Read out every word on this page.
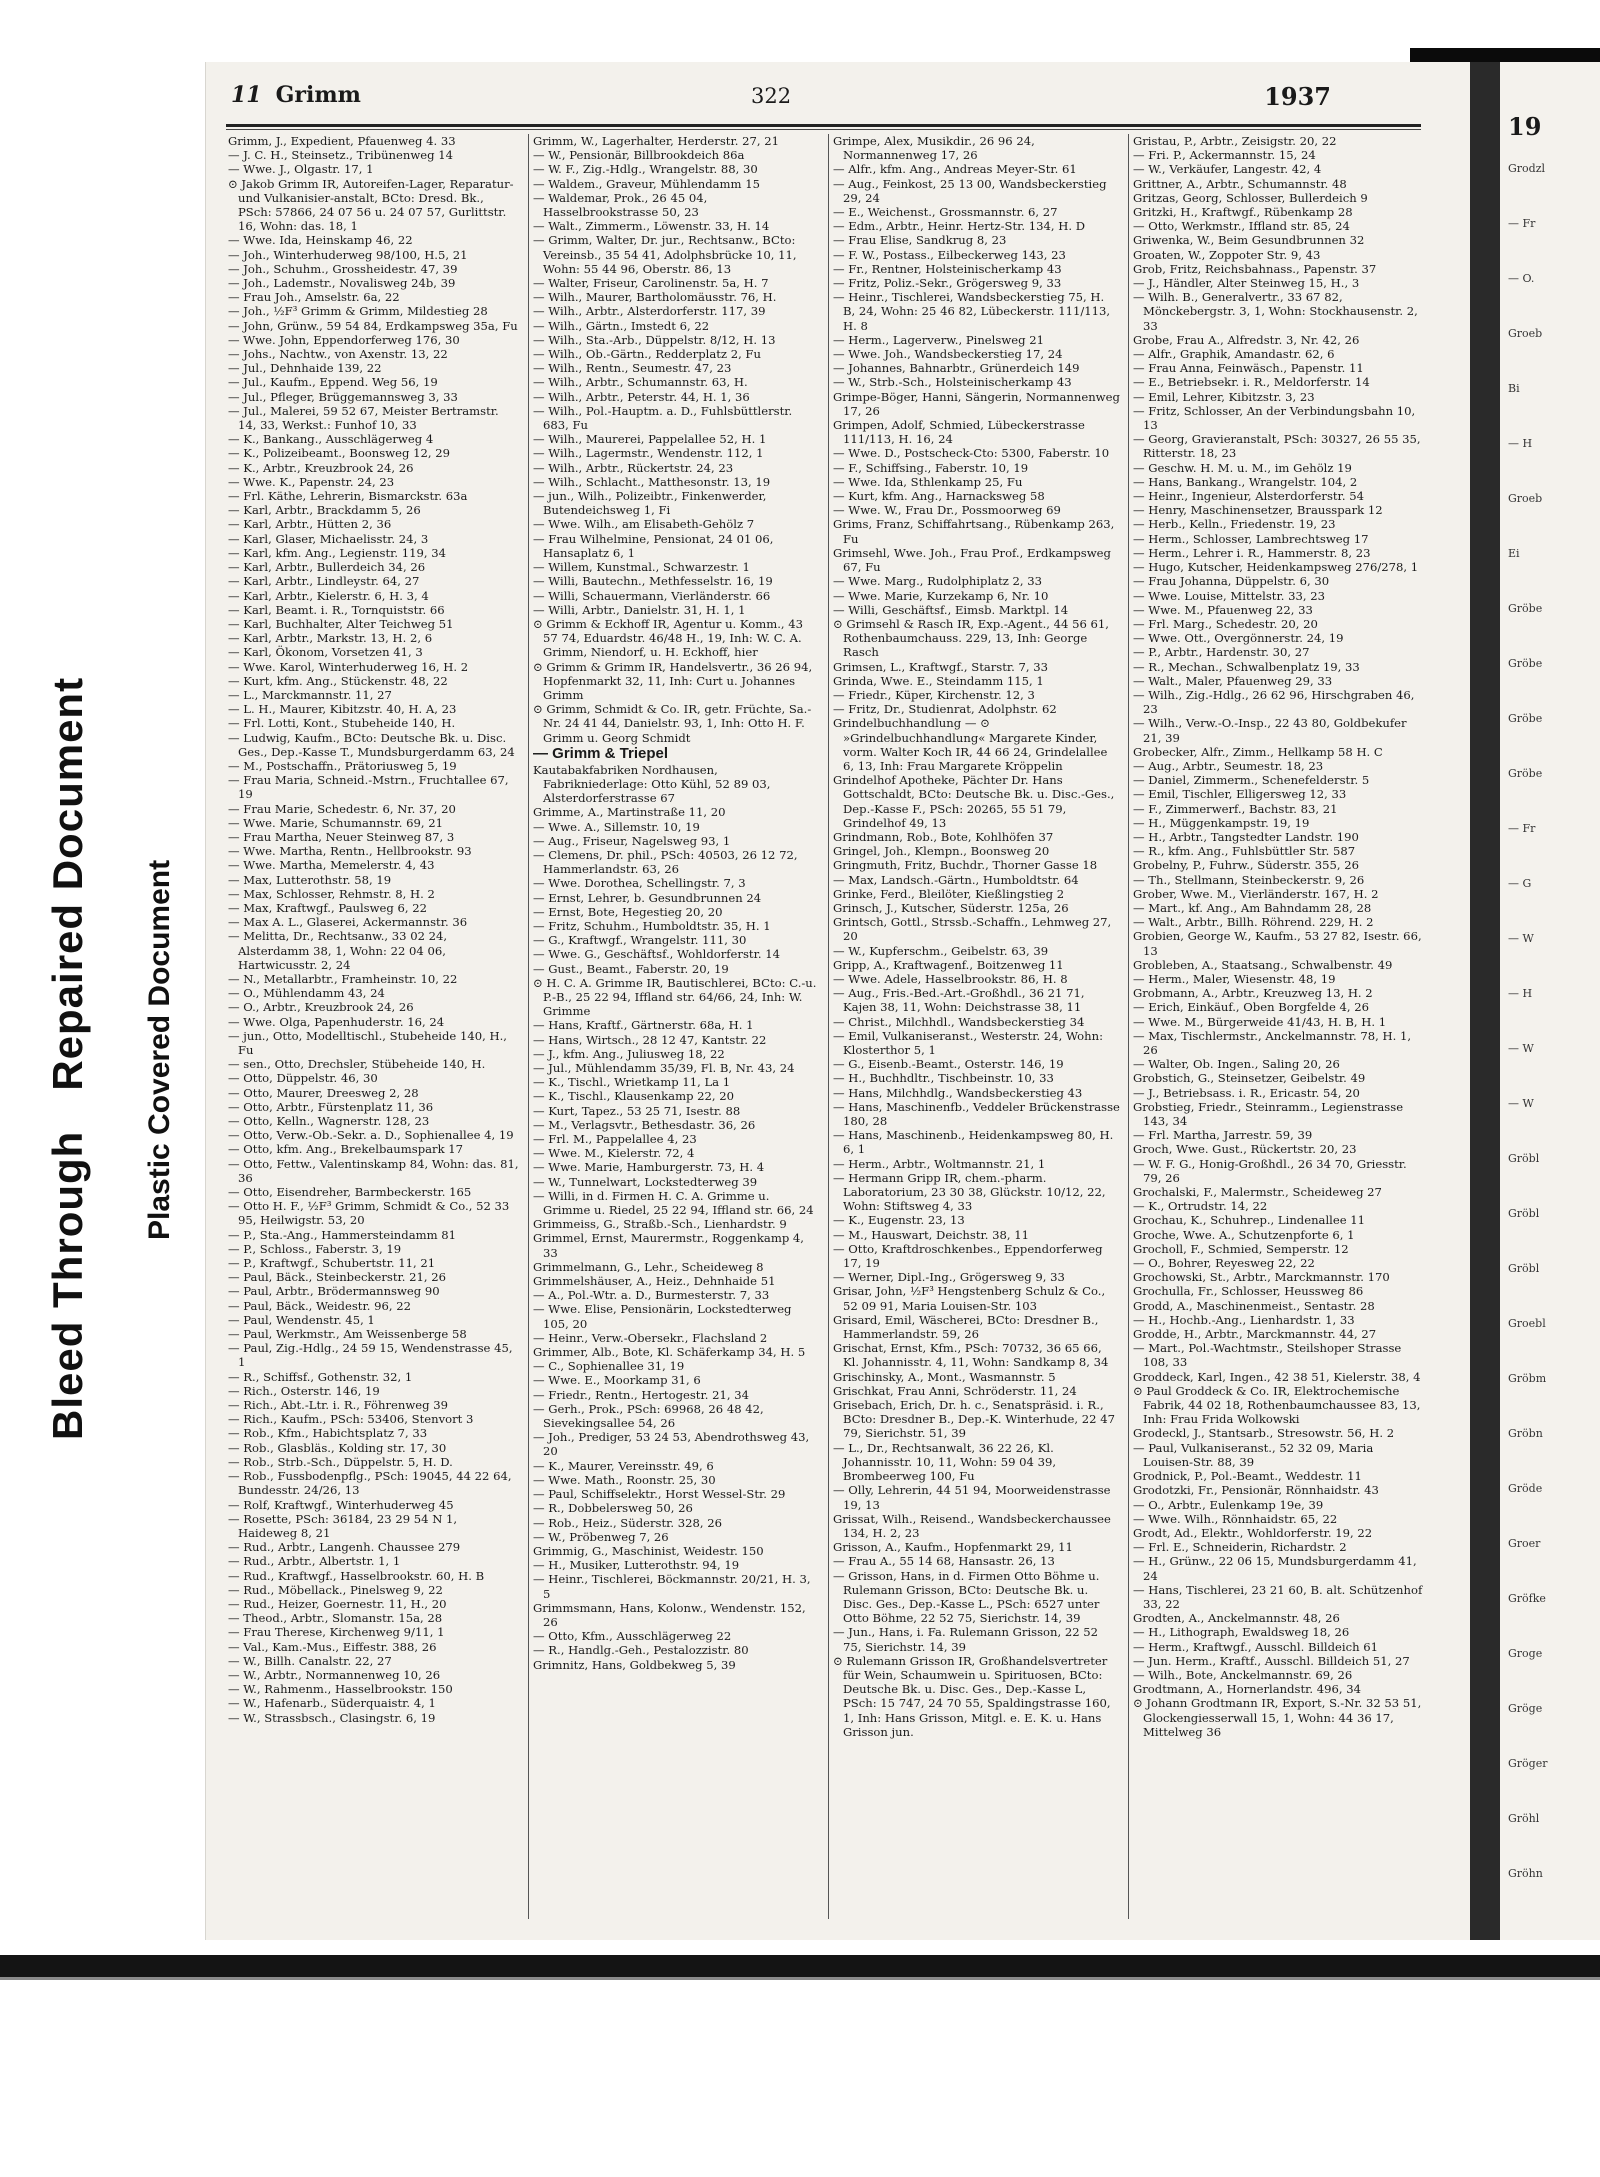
Bleed ThroughRepaired Document Plastic Covered Document
11 Grimm	322	1937

Grimm, J., Expedient, Pfauenweg 4. 33

— J. C. H., Steinsetz., Tribünenweg 14

— Wwe. J., Olgastr. 17, 1

⊙ Jakob Grimm IR, Autoreifen-Lager, Reparatur- und Vulkanisier-anstalt, BCto: Dresd. Bk., PSch: 57866, 24 07 56 u. 24 07 57, Gurlittstr. 16, Wohn: das. 18, 1

— Wwe. Ida, Heinskamp 46, 22

— Joh., Winterhuderweg 98/100, H.5, 21

— Joh., Schuhm., Grossheidestr. 47, 39

— Joh., Lademstr., Novalisweg 24b, 39

— Frau Joh., Amselstr. 6a, 22

— Joh., ½F³ Grimm & Grimm, Mildestieg 28

— John, Grünw., 59 54 84, Erdkampsweg 35a, Fu

— Wwe. John, Eppendorferweg 176, 30

— Johs., Nachtw., von Axenstr. 13, 22

— Jul., Dehnhaide 139, 22

— Jul., Kaufm., Eppend. Weg 56, 19

— Jul., Pfleger, Brüggemannsweg 3, 33

— Jul., Malerei, 59 52 67, Meister Bertramstr. 14, 33, Werkst.: Funhof 10, 33

— K., Bankang., Ausschlägerweg 4

— K., Polizeibeamt., Boonsweg 12, 29

— K., Arbtr., Kreuzbrook 24, 26

— Wwe. K., Papenstr. 24, 23

— Frl. Käthe, Lehrerin, Bismarckstr. 63a

— Karl, Arbtr., Brackdamm 5, 26

— Karl, Arbtr., Hütten 2, 36

— Karl, Glaser, Michaelisstr. 24, 3

— Karl, kfm. Ang., Legienstr. 119, 34

— Karl, Arbtr., Bullerdeich 34, 26

— Karl, Arbtr., Lindleystr. 64, 27

— Karl, Arbtr., Kielerstr. 6, H. 3, 4

— Karl, Beamt. i. R., Tornquiststr. 66

— Karl, Buchhalter, Alter Teichweg 51

— Karl, Arbtr., Markstr. 13, H. 2, 6

— Karl, Ökonom, Vorsetzen 41, 3

— Wwe. Karol, Winterhuderweg 16, H. 2

— Kurt, kfm. Ang., Stückenstr. 48, 22

— L., Marckmannstr. 11, 27

— L. H., Maurer, Kibitzstr. 40, H. A, 23

— Frl. Lotti, Kont., Stubeheide 140, H.

— Ludwig, Kaufm., BCto: Deutsche Bk. u. Disc. Ges., Dep.-Kasse T., Mundsburgerdamm 63, 24

— M., Postschaffn., Prätoriusweg 5, 19

— Frau Maria, Schneid.-Mstrn., Fruchtallee 67, 19

— Frau Marie, Schedestr. 6, Nr. 37, 20

— Wwe. Marie, Schumannstr. 69, 21

— Frau Martha, Neuer Steinweg 87, 3

— Wwe. Martha, Rentn., Hellbrookstr. 93

— Wwe. Martha, Memelerstr. 4, 43

— Max, Lutterothstr. 58, 19

— Max, Schlosser, Rehmstr. 8, H. 2

— Max, Kraftwgf., Paulsweg 6, 22

— Max A. L., Glaserei, Ackermannstr. 36

— Melitta, Dr., Rechtsanw., 33 02 24, Alsterdamm 38, 1, Wohn: 22 04 06, Hartwicusstr. 2, 24

— N., Metallarbtr., Framheinstr. 10, 22

— O., Mühlendamm 43, 24

— O., Arbtr., Kreuzbrook 24, 26

— Wwe. Olga, Papenhuderstr. 16, 24

— jun., Otto, Modelltischl., Stubeheide 140, H., Fu

— sen., Otto, Drechsler, Stübeheide 140, H.

— Otto, Düppelstr. 46, 30

— Otto, Maurer, Dreesweg 2, 28

— Otto, Arbtr., Fürstenplatz 11, 36

— Otto, Kelln., Wagnerstr. 128, 23

— Otto, Verw.-Ob.-Sekr. a. D., Sophienallee 4, 19

— Otto, kfm. Ang., Brekelbaumspark 17

— Otto, Fettw., Valentinskamp 84, Wohn: das. 81, 36

— Otto, Eisendreher, Barmbeckerstr. 165

— Otto H. F., ½F³ Grimm, Schmidt & Co., 52 33 95, Heilwigstr. 53, 20

— P., Sta.-Ang., Hammersteindamm 81

— P., Schloss., Faberstr. 3, 19

— P., Kraftwgf., Schubertstr. 11, 21

— Paul, Bäck., Steinbeckerstr. 21, 26

— Paul, Arbtr., Brödermannsweg 90

— Paul, Bäck., Weidestr. 96, 22

— Paul, Wendenstr. 45, 1

— Paul, Werkmstr., Am Weissenberge 58

— Paul, Zig.-Hdlg., 24 59 15, Wendenstrasse 45, 1

— R., Schiffsf., Gothenstr. 32, 1

— Rich., Osterstr. 146, 19

— Rich., Abt.-Ltr. i. R., Föhrenweg 39

— Rich., Kaufm., PSch: 53406, Stenvort 3

— Rob., Kfm., Habichtsplatz 7, 33

— Rob., Glasbläs., Kolding str. 17, 30

— Rob., Strb.-Sch., Düppelstr. 5, H. D.

— Rob., Fussbodenpflg., PSch: 19045, 44 22 64, Bundesstr. 24/26, 13

— Rolf, Kraftwgf., Winterhuderweg 45

— Rosette, PSch: 36184, 23 29 54 N 1, Haideweg 8, 21

— Rud., Arbtr., Langenh. Chaussee 279

— Rud., Arbtr., Albertstr. 1, 1

— Rud., Kraftwgf., Hasselbrookstr. 60, H. B

— Rud., Möbellack., Pinelsweg 9, 22

— Rud., Heizer, Goernestr. 11, H., 20

— Theod., Arbtr., Slomanstr. 15a, 28

— Frau Therese, Kirchenweg 9/11, 1

— Val., Kam.-Mus., Eiffestr. 388, 26

— W., Billh. Canalstr. 22, 27

— W., Arbtr., Normannenweg 10, 26

— W., Rahmenm., Hasselbrookstr. 150

— W., Hafenarb., Süderquaistr. 4, 1

— W., Strassbsch., Clasingstr. 6, 19

Grimm, W., Lagerhalter, Herderstr. 27, 21

— W., Pensionär, Billbrookdeich 86a

— W. F., Zig.-Hdlg., Wrangelstr. 88, 30

— Waldem., Graveur, Mühlendamm 15

— Waldemar, Prok., 26 45 04, Hasselbrookstrasse 50, 23

— Walt., Zimmerm., Löwenstr. 33, H. 14

— Grimm, Walter, Dr. jur., Rechtsanw., BCto: Vereinsb., 35 54 41, Adolphsbrücke 10, 11, Wohn: 55 44 96, Oberstr. 86, 13

— Walter, Friseur, Carolinenstr. 5a, H. 7

— Wilh., Maurer, Bartholomäusstr. 76, H.

— Wilh., Arbtr., Alsterdorferstr. 117, 39

— Wilh., Gärtn., Imstedt 6, 22

— Wilh., Sta.-Arb., Düppelstr. 8/12, H. 13

— Wilh., Ob.-Gärtn., Redderplatz 2, Fu

— Wilh., Rentn., Seumestr. 47, 23

— Wilh., Arbtr., Schumannstr. 63, H.

— Wilh., Arbtr., Peterstr. 44, H. 1, 36

— Wilh., Pol.-Hauptm. a. D., Fuhlsbüttlerstr. 683, Fu

— Wilh., Maurerei, Pappelallee 52, H. 1

— Wilh., Lagermstr., Wendenstr. 112, 1

— Wilh., Arbtr., Rückertstr. 24, 23

— Wilh., Schlacht., Matthesonstr. 13, 19

— jun., Wilh., Polizeibtr., Finkenwerder, Butendeichsweg 1, Fi

— Wwe. Wilh., am Elisabeth-Gehölz 7

— Frau Wilhelmine, Pensionat, 24 01 06, Hansaplatz 6, 1

— Willem, Kunstmal., Schwarzestr. 1

— Willi, Bautechn., Methfesselstr. 16, 19

— Willi, Schauermann, Vierländerstr. 66

— Willi, Arbtr., Danielstr. 31, H. 1, 1

⊙ Grimm & Eckhoff IR, Agentur u. Komm., 43 57 74, Eduardstr. 46/48 H., 19, Inh: W. C. A. Grimm, Niendorf, u. H. Eckhoff, hier

⊙ Grimm & Grimm IR, Handelsvertr., 36 26 94, Hopfenmarkt 32, 11, Inh: Curt u. Johannes Grimm

⊙ Grimm, Schmidt & Co. IR, getr. Früchte, Sa.-Nr. 24 41 44, Danielstr. 93, 1, Inh: Otto H. F. Grimm u. Georg Schmidt

— Grimm & Triepel

Kautabakfabriken Nordhausen, Fabrikniederlage: Otto Kühl, 52 89 03, Alsterdorferstrasse 67

Grimme, A., Martinstraße 11, 20

— Wwe. A., Sillemstr. 10, 19

— Aug., Friseur, Nagelsweg 93, 1

— Clemens, Dr. phil., PSch: 40503, 26 12 72, Hammerlandstr. 63, 26

— Wwe. Dorothea, Schellingstr. 7, 3

— Ernst, Lehrer, b. Gesundbrunnen 24

— Ernst, Bote, Hegestieg 20, 20

— Fritz, Schuhm., Humboldtstr. 35, H. 1

— G., Kraftwgf., Wrangelstr. 111, 30

— Wwe. G., Geschäftsf., Wohldorferstr. 14

— Gust., Beamt., Faberstr. 20, 19

⊙ H. C. A. Grimme IR, Bautischlerei, BCto: C.-u. P.-B., 25 22 94, Iffland str. 64/66, 24, Inh: W. Grimme

— Hans, Kraftf., Gärtnerstr. 68a, H. 1

— Hans, Wirtsch., 28 12 47, Kantstr. 22

— J., kfm. Ang., Juliusweg 18, 22

— Jul., Mühlendamm 35/39, Fl. B, Nr. 43, 24

— K., Tischl., Wrietkamp 11, La 1

— K., Tischl., Klausenkamp 22, 20

— Kurt, Tapez., 53 25 71, Isestr. 88

— M., Verlagsvtr., Bethesdastr. 36, 26

— Frl. M., Pappelallee 4, 23

— Wwe. M., Kielerstr. 72, 4

— Wwe. Marie, Hamburgerstr. 73, H. 4

— W., Tunnelwart, Lockstedterweg 39

— Willi, in d. Firmen H. C. A. Grimme u. Grimme u. Riedel, 25 22 94, Iffland str. 66, 24

Grimmeiss, G., Straßb.-Sch., Lienhardstr. 9

Grimmel, Ernst, Maurermstr., Roggenkamp 4, 33

Grimmelmann, G., Lehr., Scheideweg 8

Grimmelshäuser, A., Heiz., Dehnhaide 51

— A., Pol.-Wtr. a. D., Burmesterstr. 7, 33

— Wwe. Elise, Pensionärin, Lockstedterweg 105, 20

— Heinr., Verw.-Obersekr., Flachsland 2

Grimmer, Alb., Bote, Kl. Schäferkamp 34, H. 5

— C., Sophienallee 31, 19

— Wwe. E., Moorkamp 31, 6

— Friedr., Rentn., Hertogestr. 21, 34

— Gerh., Prok., PSch: 69968, 26 48 42, Sievekingsallee 54, 26

— Joh., Prediger, 53 24 53, Abendrothsweg 43, 20

— K., Maurer, Vereinsstr. 49, 6

— Wwe. Math., Roonstr. 25, 30

— Paul, Schiffselektr., Horst Wessel-Str. 29

— R., Dobbelersweg 50, 26

— Rob., Heiz., Süderstr. 328, 26

— W., Pröbenweg 7, 26

Grimmig, G., Maschinist, Weidestr. 150

— H., Musiker, Lutterothstr. 94, 19

— Heinr., Tischlerei, Böckmannstr. 20/21, H. 3, 5

Grimmsmann, Hans, Kolonw., Wendenstr. 152, 26

— Otto, Kfm., Ausschlägerweg 22

— R., Handlg.-Geh., Pestalozzistr. 80

Grimnitz, Hans, Goldbekweg 5, 39

Grimpe, Alex, Musikdir., 26 96 24, Normannenweg 17, 26

— Alfr., kfm. Ang., Andreas Meyer-Str. 61

— Aug., Feinkost, 25 13 00, Wandsbeckerstieg 29, 24

— E., Weichenst., Grossmannstr. 6, 27

— Edm., Arbtr., Heinr. Hertz-Str. 134, H. D

— Frau Elise, Sandkrug 8, 23

— F. W., Postass., Eilbeckerweg 143, 23

— Fr., Rentner, Holsteinischerkamp 43

— Fritz, Poliz.-Sekr., Grögersweg 9, 33

— Heinr., Tischlerei, Wandsbeckerstieg 75, H. B, 24, Wohn: 25 46 82, Lübeckerstr. 111/113, H. 8

— Herm., Lagerverw., Pinelsweg 21

— Wwe. Joh., Wandsbeckerstieg 17, 24

— Johannes, Bahnarbtr., Grünerdeich 149

— W., Strb.-Sch., Holsteinischerkamp 43

Grimpe-Böger, Hanni, Sängerin, Normannenweg 17, 26

Grimpen, Adolf, Schmied, Lübeckerstrasse 111/113, H. 16, 24

— Wwe. D., Postscheck-Cto: 5300, Faberstr. 10

— F., Schiffsing., Faberstr. 10, 19

— Wwe. Ida, Sthlenkamp 25, Fu

— Kurt, kfm. Ang., Harnacksweg 58

— Wwe. W., Frau Dr., Possmoorweg 69

Grims, Franz, Schiffahrtsang., Rübenkamp 263, Fu

Grimsehl, Wwe. Joh., Frau Prof., Erdkampsweg 67, Fu

— Wwe. Marg., Rudolphiplatz 2, 33

— Wwe. Marie, Kurzekamp 6, Nr. 10

— Willi, Geschäftsf., Eimsb. Marktpl. 14

⊙ Grimsehl & Rasch IR, Exp.-Agent., 44 56 61, Rothenbaumchauss. 229, 13, Inh: George Rasch

Grimsen, L., Kraftwgf., Starstr. 7, 33

Grinda, Wwe. E., Steindamm 115, 1

— Friedr., Küper, Kirchenstr. 12, 3

— Fritz, Dr., Studienrat, Adolphstr. 62

Grindelbuchhandlung — ⊙ »Grindelbuchhandlung« Margarete Kinder, vorm. Walter Koch IR, 44 66 24, Grindelallee 6, 13, Inh: Frau Margarete Kröppelin

Grindelhof Apotheke, Pächter Dr. Hans Gottschaldt, BCto: Deutsche Bk. u. Disc.-Ges., Dep.-Kasse F., PSch: 20265, 55 51 79, Grindelhof 49, 13

Grindmann, Rob., Bote, Kohlhöfen 37

Gringel, Joh., Klempn., Boonsweg 20

Gringmuth, Fritz, Buchdr., Thorner Gasse 18

— Max, Landsch.-Gärtn., Humboldtstr. 64

Grinke, Ferd., Bleilöter, Kießlingstieg 2

Grinsch, J., Kutscher, Süderstr. 125a, 26

Grintsch, Gottl., Strssb.-Schaffn., Lehmweg 27, 20

— W., Kupferschm., Geibelstr. 63, 39

Gripp, A., Kraftwagenf., Boitzenweg 11

— Wwe. Adele, Hasselbrookstr. 86, H. 8

— Aug., Fris.-Bed.-Art.-Großhdl., 36 21 71, Kajen 38, 11, Wohn: Deichstrasse 38, 11

— Christ., Milchhdl., Wandsbeckerstieg 34

— Emil, Vulkaniseranst., Westerstr. 24, Wohn: Klosterthor 5, 1

— G., Eisenb.-Beamt., Osterstr. 146, 19

— H., Buchhdltr., Tischbeinstr. 10, 33

— Hans, Milchhdlg., Wandsbeckerstieg 43

— Hans, Maschinenfb., Veddeler Brückenstrasse 180, 28

— Hans, Maschinenb., Heidenkampsweg 80, H. 6, 1

— Herm., Arbtr., Woltmannstr. 21, 1

— Hermann Gripp IR, chem.-pharm. Laboratorium, 23 30 38, Glückstr. 10/12, 22, Wohn: Stiftsweg 4, 33

— K., Eugenstr. 23, 13

— M., Hauswart, Deichstr. 38, 11

— Otto, Kraftdroschkenbes., Eppendorferweg 17, 19

— Werner, Dipl.-Ing., Grögersweg 9, 33

Grisar, John, ½F³ Hengstenberg Schulz & Co., 52 09 91, Maria Louisen-Str. 103

Grisard, Emil, Wäscherei, BCto: Dresdner B., Hammerlandstr. 59, 26

Grischat, Ernst, Kfm., PSch: 70732, 36 65 66, Kl. Johannisstr. 4, 11, Wohn: Sandkamp 8, 34

Grischinsky, A., Mont., Wasmannstr. 5

Grischkat, Frau Anni, Schröderstr. 11, 24

Grisebach, Erich, Dr. h. c., Senatspräsid. i. R., BCto: Dresdner B., Dep.-K. Winterhude, 22 47 79, Sierichstr. 51, 39

— L., Dr., Rechtsanwalt, 36 22 26, Kl. Johannisstr. 10, 11, Wohn: 59 04 39, Brombeerweg 100, Fu

— Olly, Lehrerin, 44 51 94, Moorweidenstrasse 19, 13

Grissat, Wilh., Reisend., Wandsbeckerchaussee 134, H. 2, 23

Grisson, A., Kaufm., Hopfenmarkt 29, 11

— Frau A., 55 14 68, Hansastr. 26, 13

— Grisson, Hans, in d. Firmen Otto Böhme u. Rulemann Grisson, BCto: Deutsche Bk. u. Disc. Ges., Dep.-Kasse L., PSch: 6527 unter Otto Böhme, 22 52 75, Sierichstr. 14, 39

— Jun., Hans, i. Fa. Rulemann Grisson, 22 52 75, Sierichstr. 14, 39

⊙ Rulemann Grisson IR, Großhandelsvertreter für Wein, Schaumwein u. Spirituosen, BCto: Deutsche Bk. u. Disc. Ges., Dep.-Kasse L, PSch: 15 747, 24 70 55, Spaldingstrasse 160, 1, Inh: Hans Grisson, Mitgl. e. E. K. u. Hans Grisson jun.

Gristau, P., Arbtr., Zeisigstr. 20, 22

— Fri. P., Ackermannstr. 15, 24

— W., Verkäufer, Langestr. 42, 4

Grittner, A., Arbtr., Schumannstr. 48

Gritzas, Georg, Schlosser, Bullerdeich 9

Gritzki, H., Kraftwgf., Rübenkamp 28

— Otto, Werkmstr., Iffland str. 85, 24

Griwenka, W., Beim Gesundbrunnen 32

Groaten, W., Zoppoter Str. 9, 43

Grob, Fritz, Reichsbahnass., Papenstr. 37

— J., Händler, Alter Steinweg 15, H., 3

— Wilh. B., Generalvertr., 33 67 82, Mönckebergstr. 3, 1, Wohn: Stockhausenstr. 2, 33

Grobe, Frau A., Alfredstr. 3, Nr. 42, 26

— Alfr., Graphik, Amandastr. 62, 6

— Frau Anna, Feinwäsch., Papenstr. 11

— E., Betriebsekr. i. R., Meldorferstr. 14

— Emil, Lehrer, Kibitzstr. 3, 23

— Fritz, Schlosser, An der Verbindungsbahn 10, 13

— Georg, Gravieranstalt, PSch: 30327, 26 55 35, Ritterstr. 18, 23

— Geschw. H. M. u. M., im Gehölz 19

— Hans, Bankang., Wrangelstr. 104, 2

— Heinr., Ingenieur, Alsterdorferstr. 54

— Henry, Maschinensetzer, Brausspark 12

— Herb., Kelln., Friedenstr. 19, 23

— Herm., Schlosser, Lambrechtsweg 17

— Herm., Lehrer i. R., Hammerstr. 8, 23

— Hugo, Kutscher, Heidenkampsweg 276/278, 1

— Frau Johanna, Düppelstr. 6, 30

— Wwe. Louise, Mittelstr. 33, 23

— Wwe. M., Pfauenweg 22, 33

— Frl. Marg., Schedestr. 20, 20

— Wwe. Ott., Overgönnerstr. 24, 19

— P., Arbtr., Hardenstr. 30, 27

— R., Mechan., Schwalbenplatz 19, 33

— Walt., Maler, Pfauenweg 29, 33

— Wilh., Zig.-Hdlg., 26 62 96, Hirschgraben 46, 23

— Wilh., Verw.-O.-Insp., 22 43 80, Goldbekufer 21, 39

Grobecker, Alfr., Zimm., Hellkamp 58 H. C

— Aug., Arbtr., Seumestr. 18, 23

— Daniel, Zimmerm., Schenefelderstr. 5

— Emil, Tischler, Elligersweg 12, 33

— F., Zimmerwerf., Bachstr. 83, 21

— H., Müggenkampstr. 19, 19

— H., Arbtr., Tangstedter Landstr. 190

— R., kfm. Ang., Fuhlsbüttler Str. 587

Grobelny, P., Fuhrw., Süderstr. 355, 26

— Th., Stellmann, Steinbeckerstr. 9, 26

Grober, Wwe. M., Vierländerstr. 167, H. 2

— Mart., kf. Ang., Am Bahndamm 28, 28

— Walt., Arbtr., Billh. Röhrend. 229, H. 2

Grobien, George W., Kaufm., 53 27 82, Isestr. 66, 13

Grobleben, A., Staatsang., Schwalbenstr. 49

— Herm., Maler, Wiesenstr. 48, 19

Grobmann, A., Arbtr., Kreuzweg 13, H. 2

— Erich, Einkäuf., Oben Borgfelde 4, 26

— Wwe. M., Bürgerweide 41/43, H. B, H. 1

— Max, Tischlermstr., Anckelmannstr. 78, H. 1, 26

— Walter, Ob. Ingen., Saling 20, 26

Grobstich, G., Steinsetzer, Geibelstr. 49

— J., Betriebsass. i. R., Ericastr. 54, 20

Grobstieg, Friedr., Steinramm., Legienstrasse 143, 34

— Frl. Martha, Jarrestr. 59, 39

Groch, Wwe. Gust., Rückertstr. 20, 23

— W. F. G., Honig-Großhdl., 26 34 70, Griesstr. 79, 26

Grochalski, F., Malermstr., Scheideweg 27

— K., Ortrudstr. 14, 22

Grochau, K., Schuhrep., Lindenallee 11

Groche, Wwe. A., Schutzenpforte 6, 1

Grocholl, F., Schmied, Semperstr. 12

— O., Bohrer, Reyesweg 22, 22

Grochowski, St., Arbtr., Marckmannstr. 170

Grochulla, Fr., Schlosser, Heussweg 86

Grodd, A., Maschinenmeist., Sentastr. 28

— H., Hochb.-Ang., Lienhardstr. 1, 33

Grodde, H., Arbtr., Marckmannstr. 44, 27

— Mart., Pol.-Wachtmstr., Steilshoper Strasse 108, 33

Groddeck, Karl, Ingen., 42 38 51, Kielerstr. 38, 4

⊙ Paul Groddeck & Co. IR, Elektrochemische Fabrik, 44 02 18, Rothenbaumchaussee 83, 13, Inh: Frau Frida Wolkowski

Grodeckl, J., Stantsarb., Stresowstr. 56, H. 2

— Paul, Vulkaniseranst., 52 32 09, Maria Louisen-Str. 88, 39

Grodnick, P., Pol.-Beamt., Weddestr. 11

Grodotzki, Fr., Pensionär, Rönnhaidstr. 43

— O., Arbtr., Eulenkamp 19e, 39

— Wwe. Wilh., Rönnhaidstr. 65, 22

Grodt, Ad., Elektr., Wohldorferstr. 19, 22

— Frl. E., Schneiderin, Richardstr. 2

— H., Grünw., 22 06 15, Mundsburgerdamm 41, 24

— Hans, Tischlerei, 23 21 60, B. alt. Schützenhof 33, 22

Grodten, A., Anckelmannstr. 48, 26

— H., Lithograph, Ewaldsweg 18, 26

— Herm., Kraftwgf., Ausschl. Billdeich 61

— Jun. Herm., Kraftf., Ausschl. Billdeich 51, 27

— Wilh., Bote, Anckelmannstr. 69, 26

Grodtmann, A., Hornerlandstr. 496, 34

⊙ Johann Grodtmann IR, Export, S.-Nr. 32 53 51, Glockengiesserwall 15, 1, Wohn: 44 36 17, Mittelweg 36

19
Grodzl
— Fr
— O.
Groeb
Bi
— H
Groeb
Ei
Gröbe
Gröbe
Gröbe
Gröbe
— Fr
— G
— W
— H
— W
— W
Gröbl
Gröbl
Gröbl
Groebl
Gröbm
Gröbn
Gröde
Groer
Gröfke
Groge
Gröge
Gröger
Gröhl
Gröhn
